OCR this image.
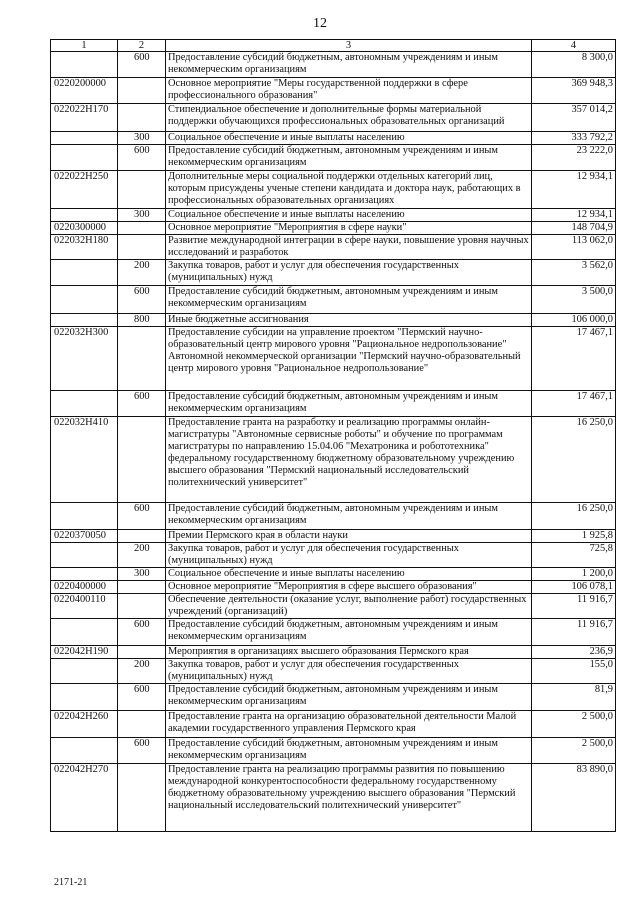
12
1	2	3	4
	600	Предоставление субсидий бюджетным, автономным учреждениям и иным некоммерческим организациям	8 300,0
0220200000		Основное мероприятие "Меры государственной поддержки в сфере профессионального образования"	369 948,3
022022Н170		Стипендиальное обеспечение и дополнительные формы материальной поддержки обучающихся профессиональных образовательных организаций	357 014,2
	300	Социальное обеспечение и иные выплаты населению	333 792,2
	600	Предоставление субсидий бюджетным, автономным учреждениям и иным некоммерческим организациям	23 222,0
022022Н250		Дополнительные меры социальной поддержки отдельных категорий лиц, которым присуждены ученые степени кандидата и доктора наук, работающих в профессиональных образовательных организациях	12 934,1
	300	Социальное обеспечение и иные выплаты населению	12 934,1
0220300000		Основное мероприятие "Мероприятия в сфере науки"	148 704,9
022032Н180		Развитие международной интеграции в сфере науки, повышение уровня научных исследований и разработок	113 062,0
	200	Закупка товаров, работ и услуг для обеспечения государственных (муниципальных) нужд	3 562,0
	600	Предоставление субсидий бюджетным, автономным учреждениям и иным некоммерческим организациям	3 500,0
	800	Иные бюджетные ассигнования	106 000,0
022032Н300		Предоставление субсидии на управление проектом "Пермский научно-образовательный центр мирового уровня "Рациональное недропользование" Автономной некоммерческой организации "Пермский научно-образовательный центр мирового уровня "Рациональное недропользование"	17 467,1
	600	Предоставление субсидий бюджетным, автономным учреждениям и иным некоммерческим организациям	17 467,1
022032Н410		Предоставление гранта на разработку и реализацию программы онлайн-магистратуры "Автономные сервисные роботы" и обучение по программам магистратуры по направлению 15.04.06 "Мехатроника и робототехника" федеральному государственному бюджетному образовательному учреждению высшего образования "Пермский национальный исследовательский политехнический университет"	16 250,0
	600	Предоставление субсидий бюджетным, автономным учреждениям и иным некоммерческим организациям	16 250,0
0220370050		Премии Пермского края в области науки	1 925,8
	200	Закупка товаров, работ и услуг для обеспечения государственных (муниципальных) нужд	725,8
	300	Социальное обеспечение и иные выплаты населению	1 200,0
0220400000		Основное мероприятие "Мероприятия в сфере высшего образования"	106 078,1
0220400110		Обеспечение деятельности (оказание услуг, выполнение работ) государственных учреждений (организаций)	11 916,7
	600	Предоставление субсидий бюджетным, автономным учреждениям и иным некоммерческим организациям	11 916,7
022042Н190		Мероприятия в организациях высшего образования Пермского края	236,9
	200	Закупка товаров, работ и услуг для обеспечения государственных (муниципальных) нужд	155,0
	600	Предоставление субсидий бюджетным, автономным учреждениям и иным некоммерческим организациям	81,9
022042Н260		Предоставление гранта на организацию образовательной деятельности Малой академии государственного управления Пермского края	2 500,0
	600	Предоставление субсидий бюджетным, автономным учреждениям и иным некоммерческим организациям	2 500,0
022042Н270		Предоставление гранта на реализацию программы развития по повышению международной конкурентоспособности федеральному государственному бюджетному образовательному учреждению высшего образования "Пермский национальный исследовательский политехнический университет"	83 890,0
2171-21
